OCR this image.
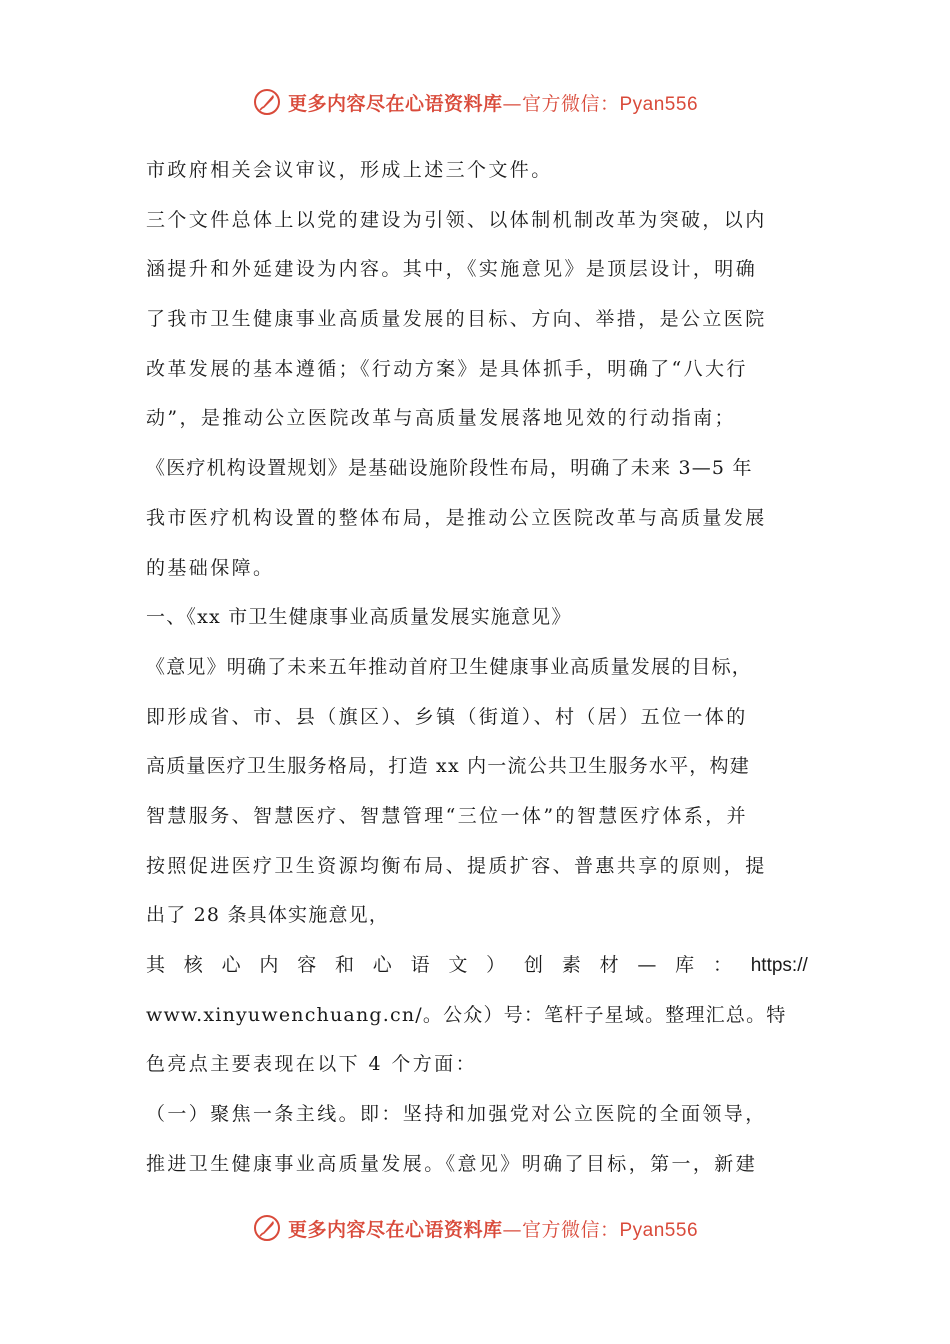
更多内容尽在心语资料库—官方微信：Pyan556
市政府相关会议审议，形成上述三个文件。
三个文件总体上以党的建设为引领、以体制机制改革为突破，以内
涵提升和外延建设为内容。其中，《实施意见》是顶层设计，明确
了我市卫生健康事业高质量发展的目标、方向、举措，是公立医院
改革发展的基本遵循；《行动方案》是具体抓手，明确了“八大行
动”，是推动公立医院改革与高质量发展落地见效的行动指南；
《医疗机构设置规划》是基础设施阶段性布局，明确了未来 3—5 年
我市医疗机构设置的整体布局，是推动公立医院改革与高质量发展
的基础保障。
一、《xx 市卫生健康事业高质量发展实施意见》
《意见》明确了未来五年推动首府卫生健康事业高质量发展的目标，
即形成省、市、县（旗区）、乡镇（街道）、村（居）五位一体的
高质量医疗卫生服务格局，打造 xx 内一流公共卫生服务水平，构建
智慧服务、智慧医疗、智慧管理“三位一体”的智慧医疗体系，并
按照促进医疗卫生资源均衡布局、提质扩容、普惠共享的原则，提
出了 28 条具体实施意见，
其 核 心 内 容 和 心 语 文 ） 创 素 材 — 库 ： https://
www.xinyuwenchuang.cn/。公众）号：笔杆子星域。整理汇总。特
色亮点主要表现在以下 4 个方面：
（一）聚焦一条主线。即：坚持和加强党对公立医院的全面领导，
推进卫生健康事业高质量发展。《意见》明确了目标，第一，新建
更多内容尽在心语资料库—官方微信：Pyan556
